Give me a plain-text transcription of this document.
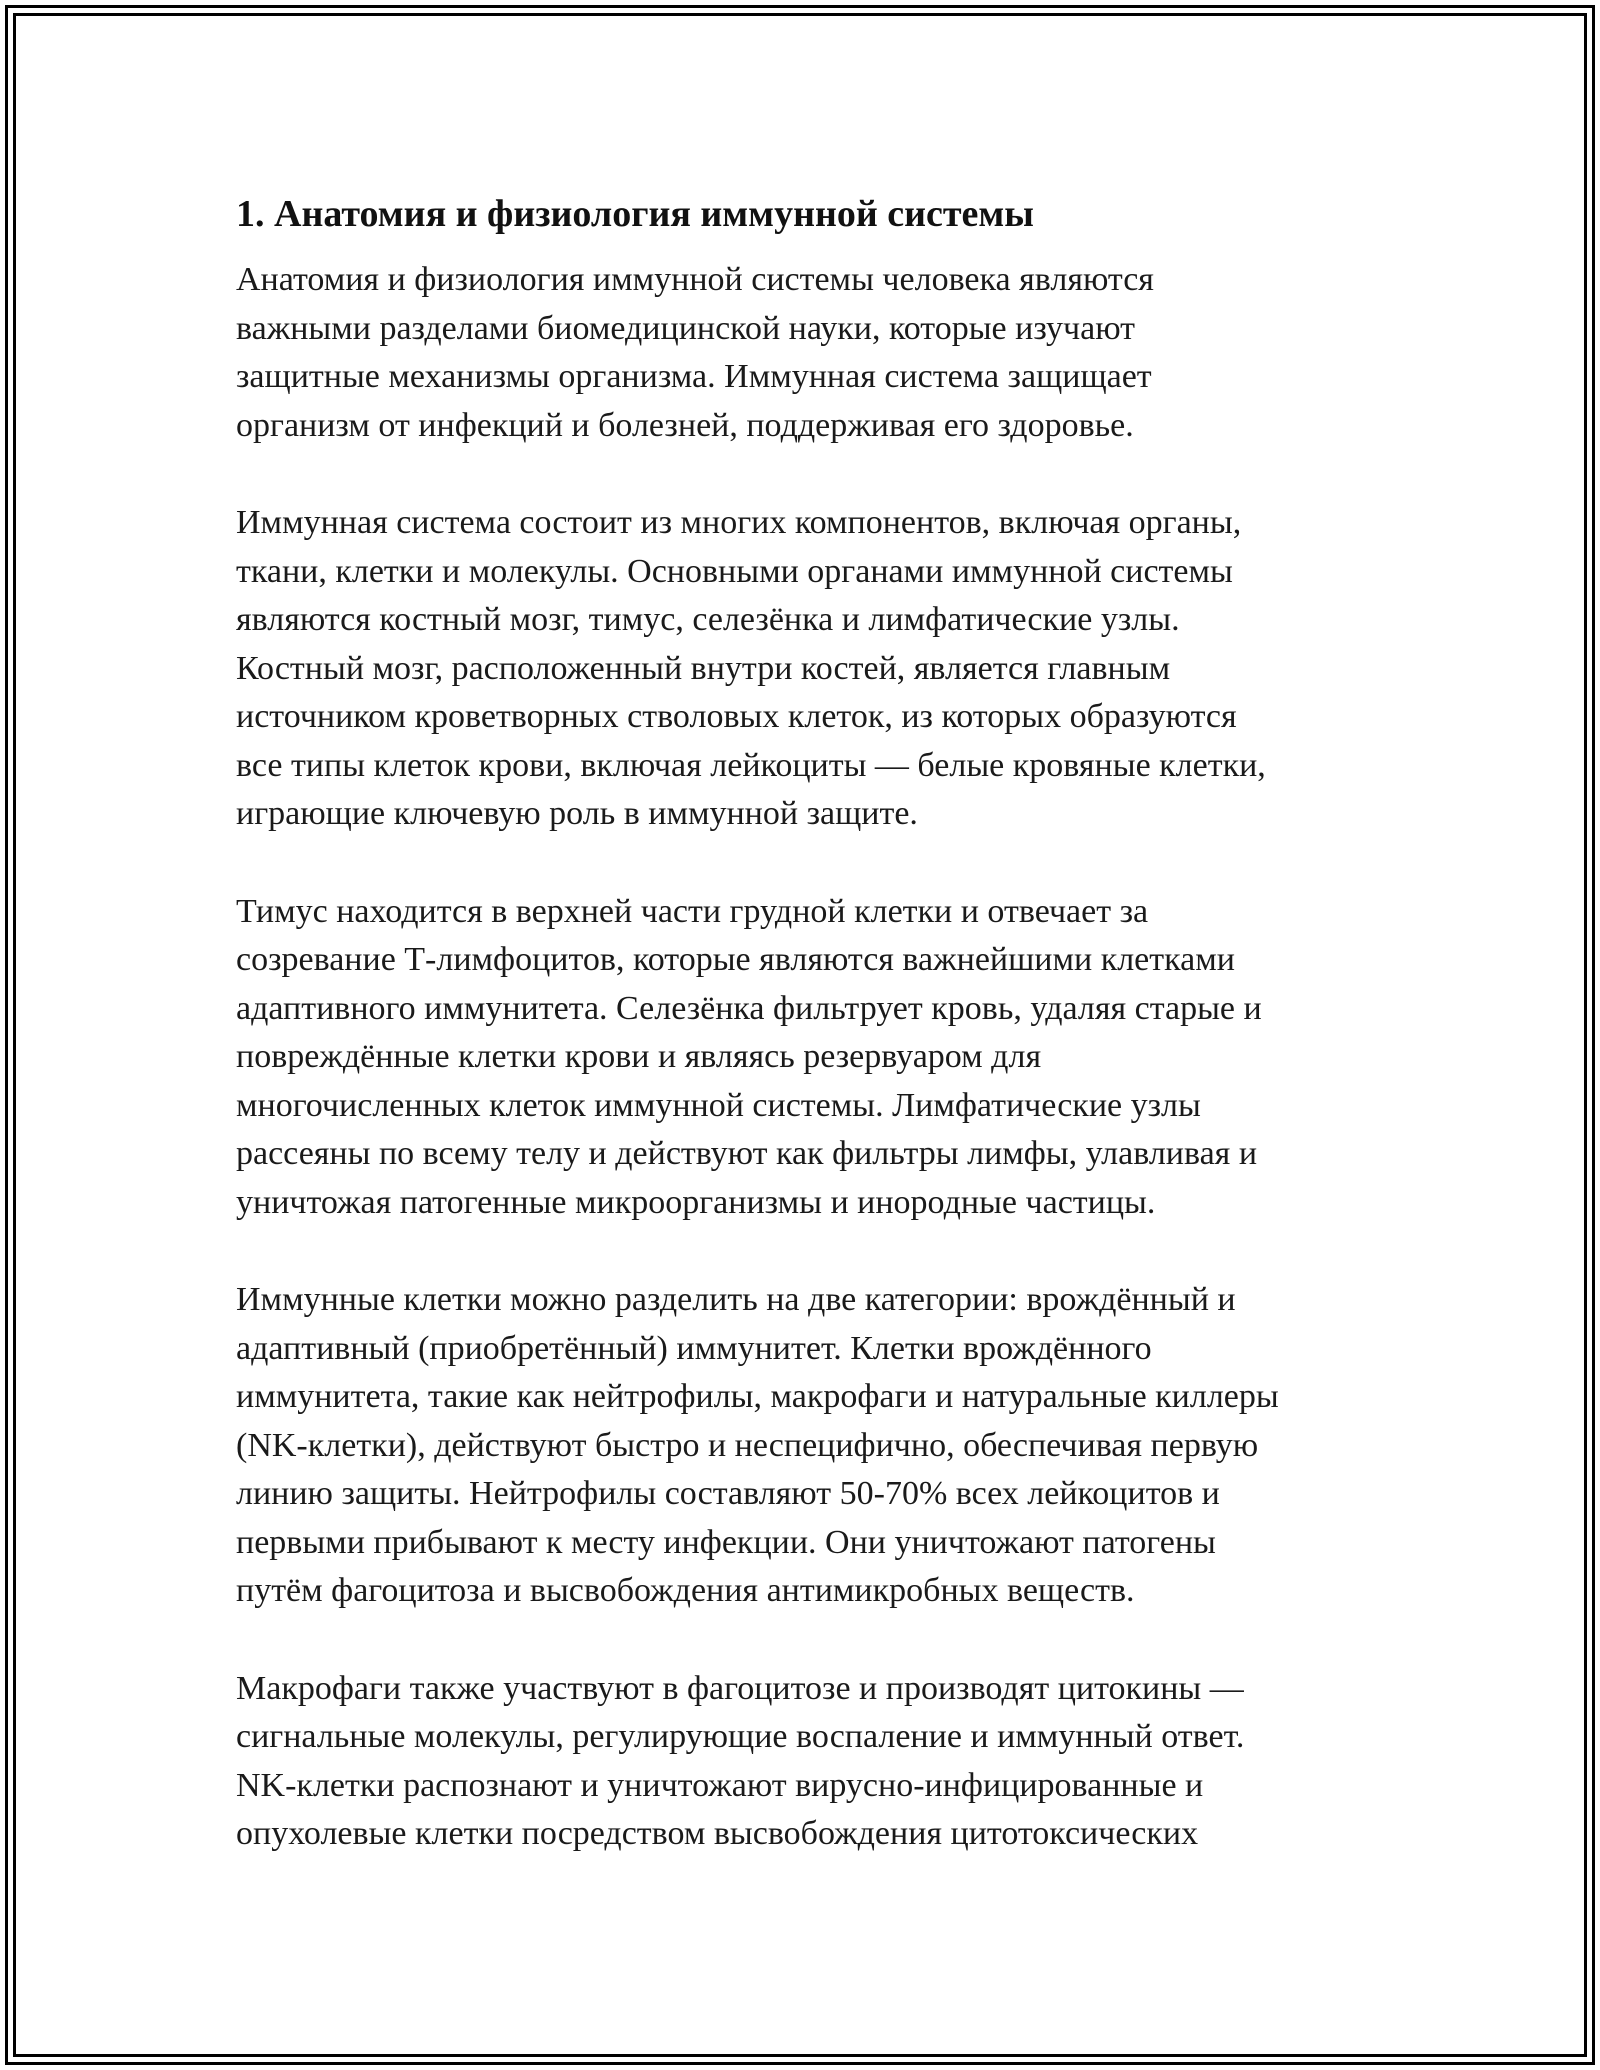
1. Анатомия и физиология иммунной системы
Анатомия и физиология иммунной системы человека являются
важными разделами биомедицинской науки, которые изучают
защитные механизмы организма. Иммунная система защищает
организм от инфекций и болезней, поддерживая его здоровье.
Иммунная система состоит из многих компонентов, включая органы,
ткани, клетки и молекулы. Основными органами иммунной системы
являются костный мозг, тимус, селезёнка и лимфатические узлы.
Костный мозг, расположенный внутри костей, является главным
источником кроветворных стволовых клеток, из которых образуются
все типы клеток крови, включая лейкоциты — белые кровяные клетки,
играющие ключевую роль в иммунной защите.
Тимус находится в верхней части грудной клетки и отвечает за
созревание Т-лимфоцитов, которые являются важнейшими клетками
адаптивного иммунитета. Селезёнка фильтрует кровь, удаляя старые и
повреждённые клетки крови и являясь резервуаром для
многочисленных клеток иммунной системы. Лимфатические узлы
рассеяны по всему телу и действуют как фильтры лимфы, улавливая и
уничтожая патогенные микроорганизмы и инородные частицы.
Иммунные клетки можно разделить на две категории: врождённый и
адаптивный (приобретённый) иммунитет. Клетки врождённого
иммунитета, такие как нейтрофилы, макрофаги и натуральные киллеры
(NK-клетки), действуют быстро и неспецифично, обеспечивая первую
линию защиты. Нейтрофилы составляют 50-70% всех лейкоцитов и
первыми прибывают к месту инфекции. Они уничтожают патогены
путём фагоцитоза и высвобождения антимикробных веществ.
Макрофаги также участвуют в фагоцитозе и производят цитокины —
сигнальные молекулы, регулирующие воспаление и иммунный ответ.
NK-клетки распознают и уничтожают вирусно-инфицированные и
опухолевые клетки посредством высвобождения цитотоксических
